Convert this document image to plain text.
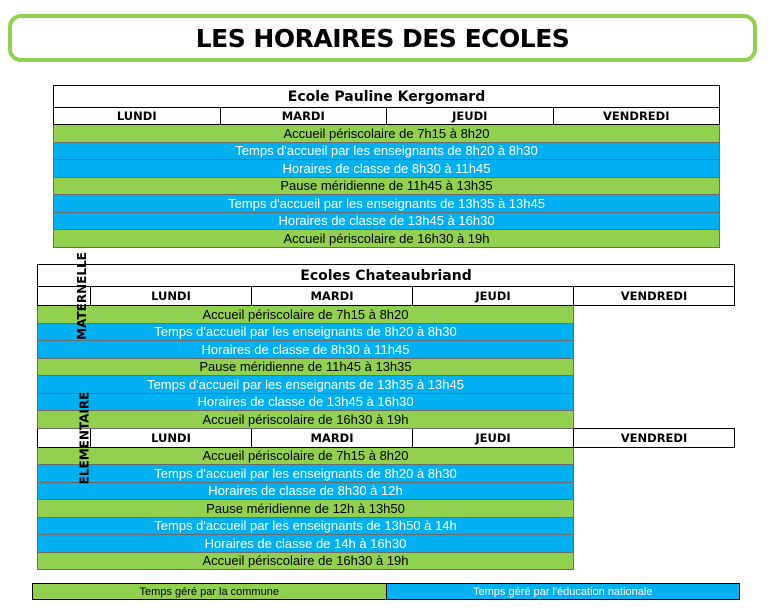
LES HORAIRES DES ECOLES
Ecole Pauline Kergomard
LUNDI	MARDI	JEUDI	VENDREDI
Accueil périscolaire de 7h15 à 8h20
Temps d'accueil par les enseignants de 8h20 à 8h30
Horaires de classe de 8h30 à 11h45
Pause méridienne de 11h45 à 13h35
Temps d'accueil par les enseignants de 13h35 à 13h45
Horaires de classe de 13h45 à 16h30
Accueil périscolaire de 16h30 à 19h
Ecoles Chateaubriand				
MATERNELLE	LUNDI	MARDI	JEUDI	VENDREDI
Accueil périscolaire de 7h15 à 8h20				
Temps d'accueil par les enseignants de 8h20 à 8h30				
Horaires de classe de 8h30 à 11h45				
Pause méridienne de 11h45 à 13h35				
Temps d'accueil par les enseignants de 13h35 à 13h45				
Horaires de classe de 13h45 à 16h30				
Accueil périscolaire de 16h30 à 19h				
ELEMENTAIRE	LUNDI	MARDI	JEUDI	VENDREDI
Accueil périscolaire de 7h15 à 8h20				
Temps d'accueil par les enseignants de 8h20 à 8h30				
Horaires de classe de 8h30 à 12h				
Pause méridienne de 12h à 13h50				
Temps d'accueil par les enseignants de 13h50 à 14h				
Horaires de classe de 14h à 16h30				
Accueil périscolaire de 16h30 à 19h				
Temps géré par la commune	Temps géré par l'éducation nationale
